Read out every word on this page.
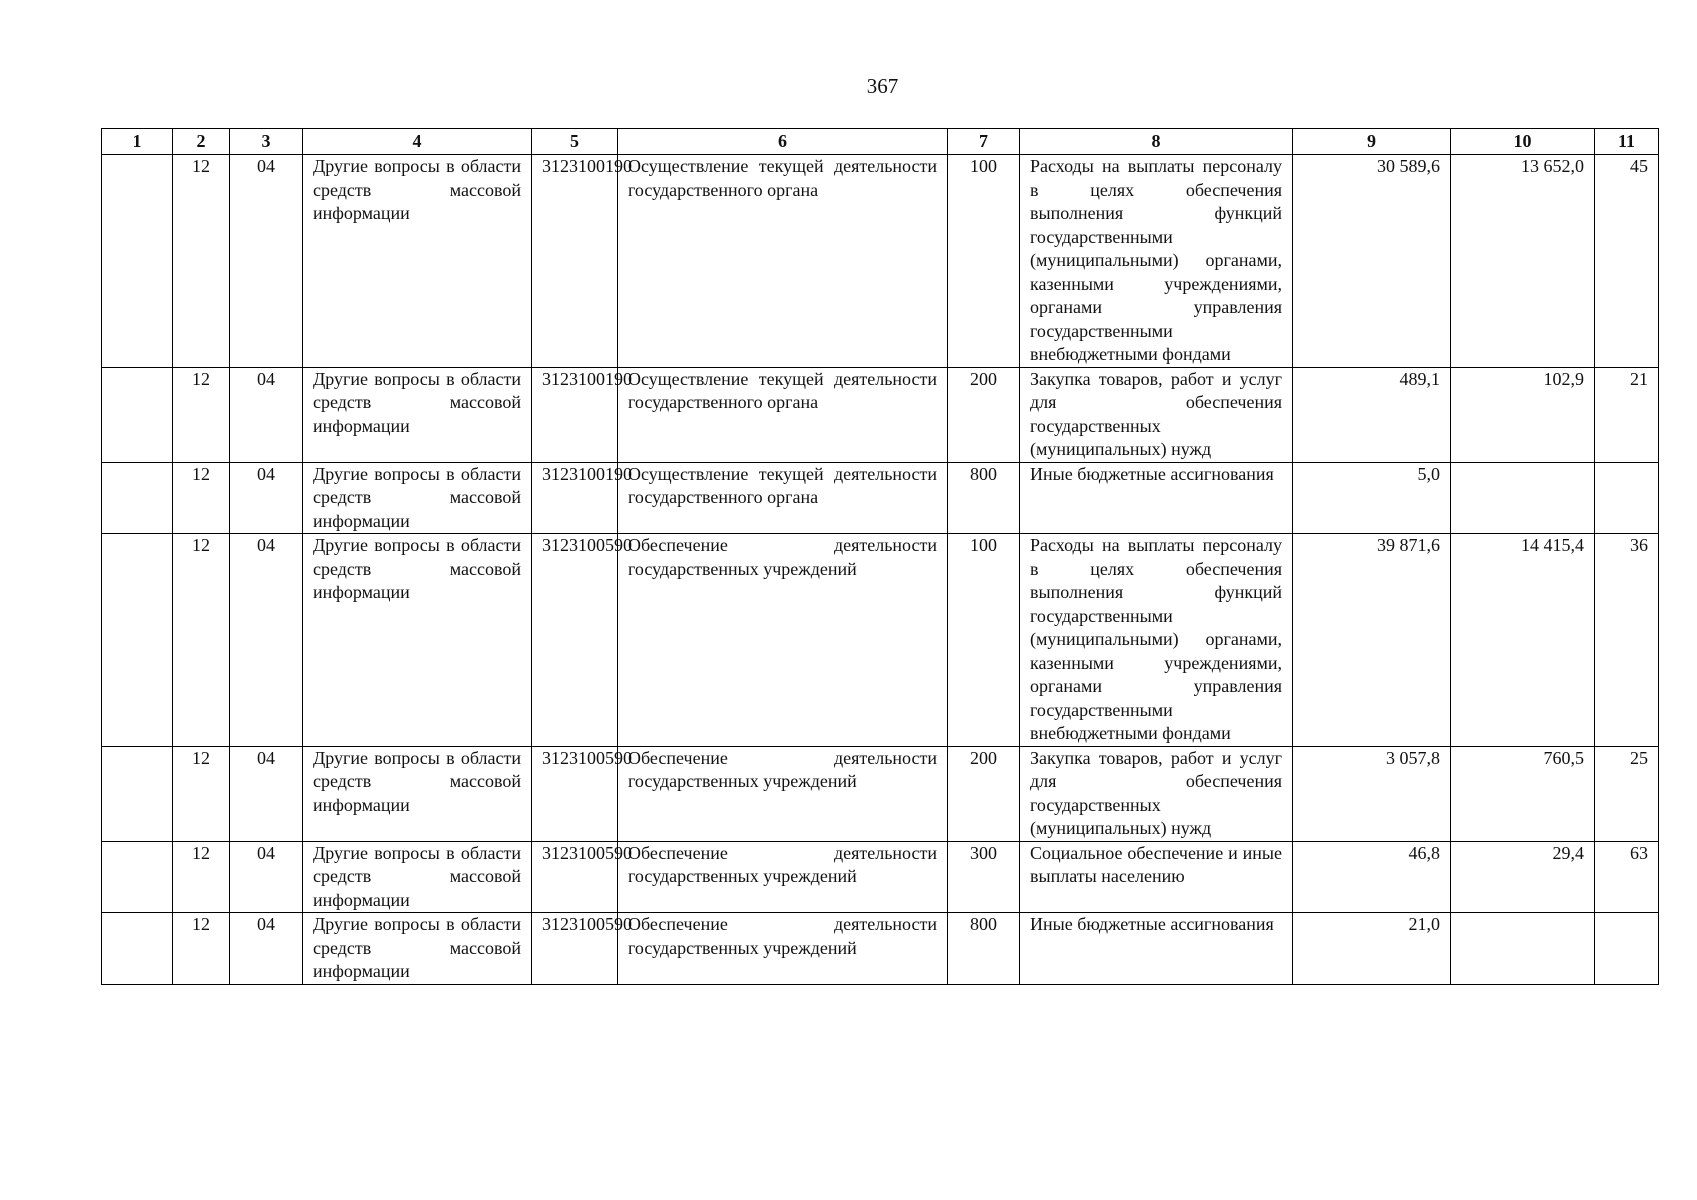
367
1	2	3	4	5	6	7	8	9	10	11
	12	04	Другие вопросы в области средств массовой информации	3123100190	Осуществление текущей деятельности государственного органа	100	Расходы на выплаты персоналу в целях обеспечения выполнения функций государственными (муниципальными) органами, казенными учреждениями, органами управления государственными внебюджетными фондами	30 589,6	13 652,0	45
	12	04	Другие вопросы в области средств массовой информации	3123100190	Осуществление текущей деятельности государственного органа	200	Закупка товаров, работ и услуг для обеспечения государственных (муниципальных) нужд	489,1	102,9	21
	12	04	Другие вопросы в области средств массовой информации	3123100190	Осуществление текущей деятельности государственного органа	800	Иные бюджетные ассигнования	5,0		
	12	04	Другие вопросы в области средств массовой информации	3123100590	Обеспечение деятельности государственных учреждений	100	Расходы на выплаты персоналу в целях обеспечения выполнения функций государственными (муниципальными) органами, казенными учреждениями, органами управления государственными внебюджетными фондами	39 871,6	14 415,4	36
	12	04	Другие вопросы в области средств массовой информации	3123100590	Обеспечение деятельности государственных учреждений	200	Закупка товаров, работ и услуг для обеспечения государственных (муниципальных) нужд	3 057,8	760,5	25
	12	04	Другие вопросы в области средств массовой информации	3123100590	Обеспечение деятельности государственных учреждений	300	Социальное обеспечение и иные выплаты населению	46,8	29,4	63
	12	04	Другие вопросы в области средств массовой информации	3123100590	Обеспечение деятельности государственных учреждений	800	Иные бюджетные ассигнования	21,0		
